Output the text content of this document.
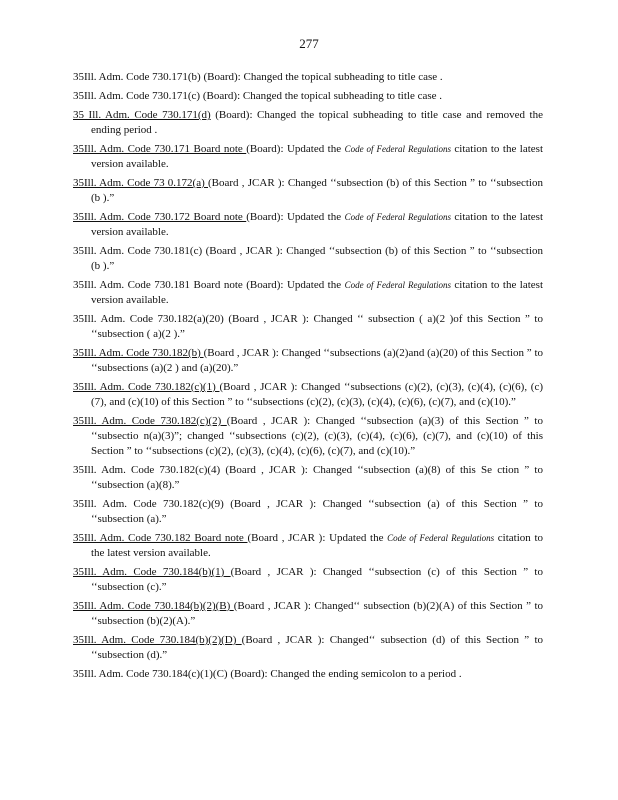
277

35Ill. Adm. Code 730.171(b) (Board): Changed the topical subheading to title case .

35Ill. Adm. Code 730.171(c) (Board): Changed the topical subheading to title case .

35 Ill. Adm. Code 730.171(d) (Board): Changed the topical subheading to title case and removed the ending period .

35Ill. Adm. Code 730.171 Board note (Board): Updated the Code of Federal Regulations citation to the latest version available.

35Ill. Adm. Code 73 0.172(a) (Board , JCAR ): Changed ‘‘subsection (b) of this Section ” to ‘‘subsection (b ).”

35Ill. Adm. Code 730.172 Board note (Board): Updated the Code of Federal Regulations citation to the latest version available.

35Ill. Adm. Code 730.181(c) (Board , JCAR ): Changed ‘‘subsection (b) of this Section ” to ‘‘subsection (b ).”

35Ill. Adm. Code 730.181 Board note (Board): Updated the Code of Federal Regulations citation to the latest version available.

35Ill. Adm. Code 730.182(a)(20) (Board , JCAR ): Changed ‘‘ subsection ( a)(2 )of this Section ” to ‘‘subsection ( a)(2 ).”

35Ill. Adm. Code 730.182(b) (Board , JCAR ): Changed ‘‘subsections (a)(2)and (a)(20) of this Section ” to ‘‘subsections (a)(2 ) and (a)(20).”

35Ill. Adm. Code 730.182(c)(1) (Board , JCAR ): Changed ‘‘subsections (c)(2), (c)(3), (c)(4), (c)(6), (c)(7), and (c)(10) of this Section ” to ‘‘subsections (c)(2), (c)(3), (c)(4), (c)(6), (c)(7), and (c)(10).”

35Ill. Adm. Code 730.182(c)(2) (Board , JCAR ): Changed ‘‘subsection (a)(3) of this Section ” to ‘‘subsectio n(a)(3)”; changed ‘‘subsections (c)(2), (c)(3), (c)(4), (c)(6), (c)(7), and (c)(10) of this Section ” to ‘‘subsections (c)(2), (c)(3), (c)(4), (c)(6), (c)(7), and (c)(10).”

35Ill. Adm. Code 730.182(c)(4) (Board , JCAR ): Changed ‘‘subsection (a)(8) of this Se ction ” to ‘‘subsection (a)(8).”

35Ill. Adm. Code 730.182(c)(9) (Board , JCAR ): Changed ‘‘subsection (a) of this Section ” to ‘‘subsection (a).”

35Ill. Adm. Code 730.182 Board note (Board , JCAR ): Updated the Code of Federal Regulations citation to the latest version available.

35Ill. Adm. Code 730.184(b)(1) (Board , JCAR ): Changed ‘‘subsection (c) of this Section ” to ‘‘subsection (c).”

35Ill. Adm. Code 730.184(b)(2)(B) (Board , JCAR ): Changed‘‘ subsection (b)(2)(A) of this Section ” to ‘‘subsection (b)(2)(A).”

35Ill. Adm. Code 730.184(b)(2)(D) (Board , JCAR ): Changed‘‘ subsection (d) of this Section ” to ‘‘subsection (d).”

35Ill. Adm. Code 730.184(c)(1)(C) (Board): Changed the ending semicolon to a period .
